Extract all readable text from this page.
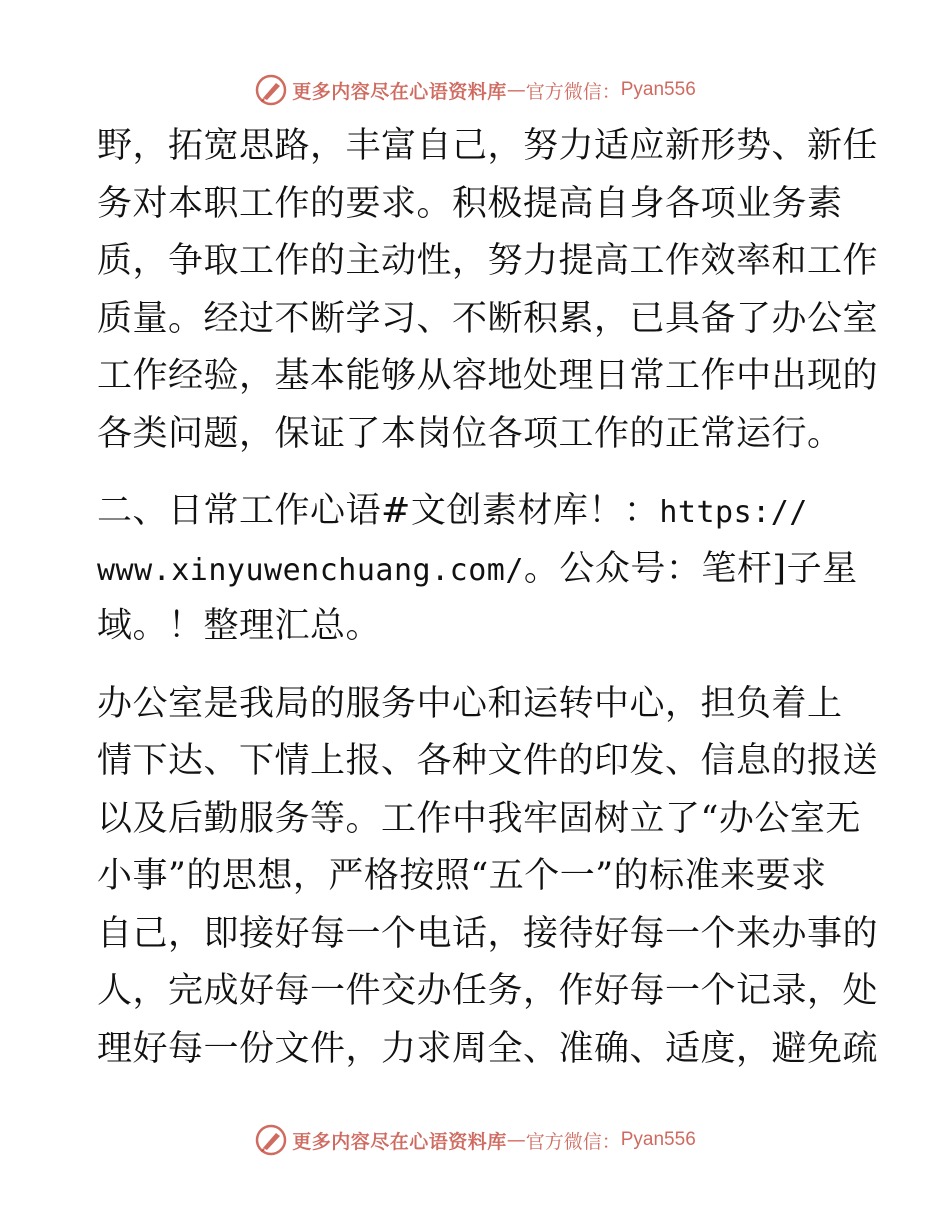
更多内容尽在心语资料库 — 官方微信： Pyan556
野，拓宽思路，丰富自己，努力适应新形势、新任
务对本职工作的要求。积极提高自身各项业务素
质，争取工作的主动性，努力提高工作效率和工作
质量。经过不断学习、不断积累，已具备了办公室
工作经验，基本能够从容地处理日常工作中出现的
各类问题，保证了本岗位各项工作的正常运行。
二、日常工作心语#文创素材库！：https://
www.xinyuwenchuang.com/。公众号：笔杆]子星
域。！整理汇总。
办公室是我局的服务中心和运转中心，担负着上
情下达、下情上报、各种文件的印发、信息的报送
以及后勤服务等。工作中我牢固树立了“办公室无
小事”的思想，严格按照“五个一”的标准来要求
自己，即接好每一个电话，接待好每一个来办事的
人，完成好每一件交办任务，作好每一个记录，处
理好每一份文件，力求周全、准确、适度，避免疏
更多内容尽在心语资料库 — 官方微信： Pyan556
